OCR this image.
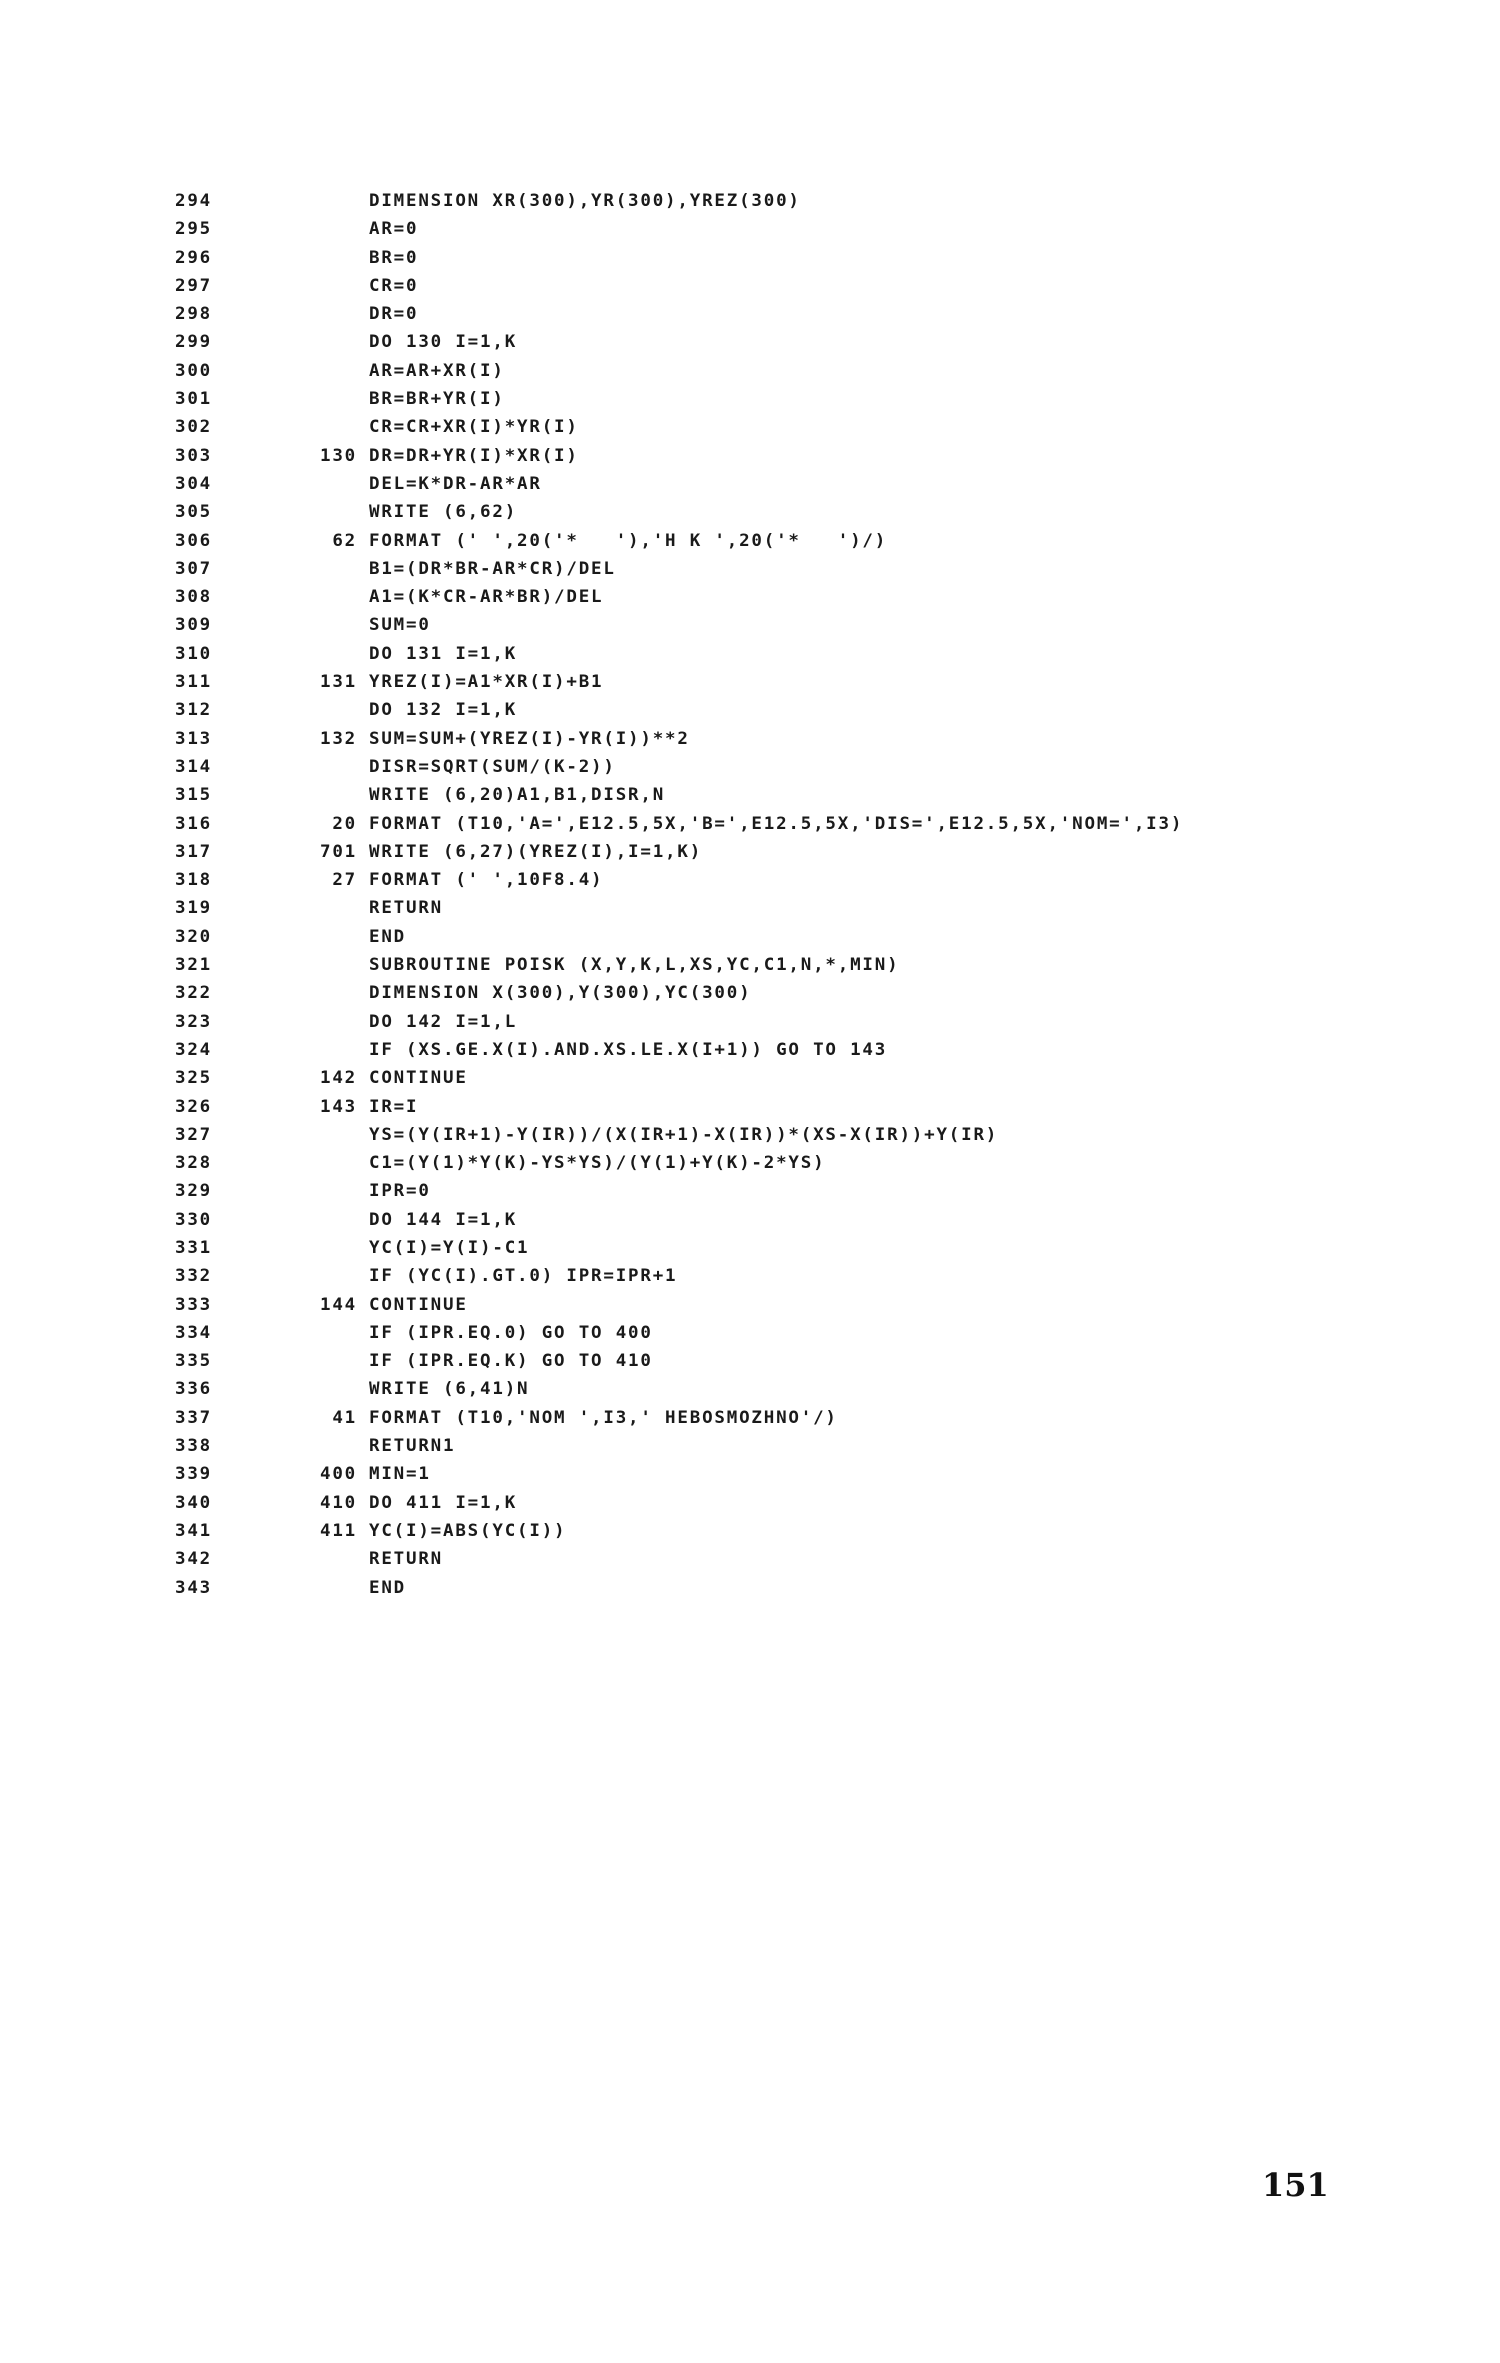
294	DIMENSION XR(300),YR(300),YREZ(300)
295	AR=0
296	BR=0
297	CR=0
298	DR=0
299	DO 130 I=1,K
300	AR=AR+XR(I)
301	BR=BR+YR(I)
302	CR=CR+XR(I)*YR(I)
303	130 DR=DR+YR(I)*XR(I)
304	DEL=K*DR-AR*AR
305	WRITE (6,62)
306	62 FORMAT (' ',20('*   '),'H K ',20('*   ')/)
307	B1=(DR*BR-AR*CR)/DEL
308	A1=(K*CR-AR*BR)/DEL
309	SUM=0
310	DO 131 I=1,K
311	131 YREZ(I)=A1*XR(I)+B1
312	DO 132 I=1,K
313	132 SUM=SUM+(YREZ(I)-YR(I))**2
314	DISR=SQRT(SUM/(K-2))
315	WRITE (6,20)A1,B1,DISR,N
316	20 FORMAT (T10,'A=',E12.5,5X,'B=',E12.5,5X,'DIS=',E12.5,5X,'NOM=',I3)
317	701 WRITE (6,27)(YREZ(I),I=1,K)
318	27 FORMAT (' ',10F8.4)
319	RETURN
320	END
321	SUBROUTINE POISK (X,Y,K,L,XS,YC,C1,N,*,MIN)
322	DIMENSION X(300),Y(300),YC(300)
323	DO 142 I=1,L
324	IF (XS.GE.X(I).AND.XS.LE.X(I+1)) GO TO 143
325	142 CONTINUE
326	143 IR=I
327	YS=(Y(IR+1)-Y(IR))/(X(IR+1)-X(IR))*(XS-X(IR))+Y(IR)
328	C1=(Y(1)*Y(K)-YS*YS)/(Y(1)+Y(K)-2*YS)
329	IPR=0
330	DO 144 I=1,K
331	YC(I)=Y(I)-C1
332	IF (YC(I).GT.0) IPR=IPR+1
333	144 CONTINUE
334	IF (IPR.EQ.0) GO TO 400
335	IF (IPR.EQ.K) GO TO 410
336	WRITE (6,41)N
337	41 FORMAT (T10,'NOM ',I3,' HEBOSMOZHNO'/)
338	RETURN1
339	400 MIN=1
340	410 DO 411 I=1,K
341	411 YC(I)=ABS(YC(I))
342	RETURN
343	END
151
